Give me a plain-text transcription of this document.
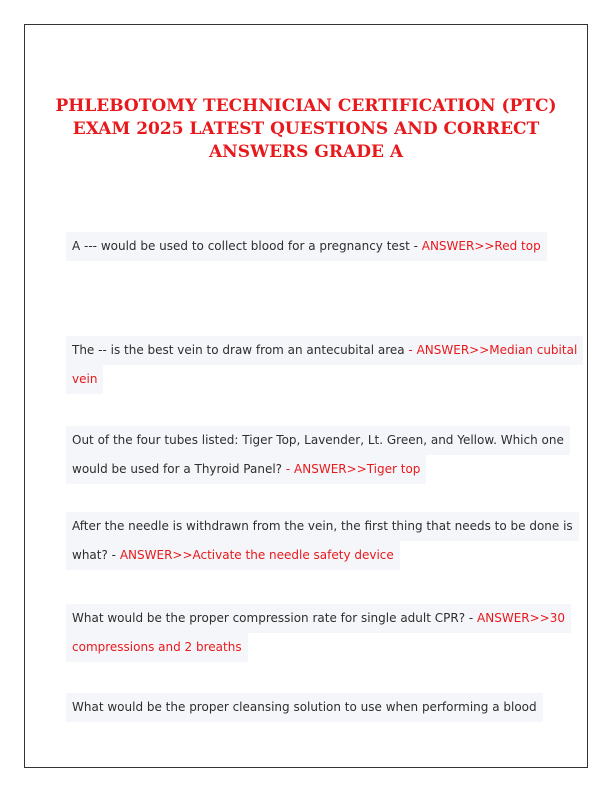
PHLEBOTOMY TECHNICIAN CERTIFICATION (PTC)
EXAM 2025 LATEST QUESTIONS AND CORRECT
ANSWERS GRADE A
A --- would be used to collect blood for a pregnancy test - ANSWER>>Red top
The -- is the best vein to draw from an antecubital area - ANSWER>>Median cubital
vein
Out of the four tubes listed: Tiger Top, Lavender, Lt. Green, and Yellow. Which one
would be used for a Thyroid Panel? - ANSWER>>Tiger top
After the needle is withdrawn from the vein, the first thing that needs to be done is
what? - ANSWER>>Activate the needle safety device
What would be the proper compression rate for single adult CPR? - ANSWER>>30
compressions and 2 breaths
What would be the proper cleansing solution to use when performing a blood
